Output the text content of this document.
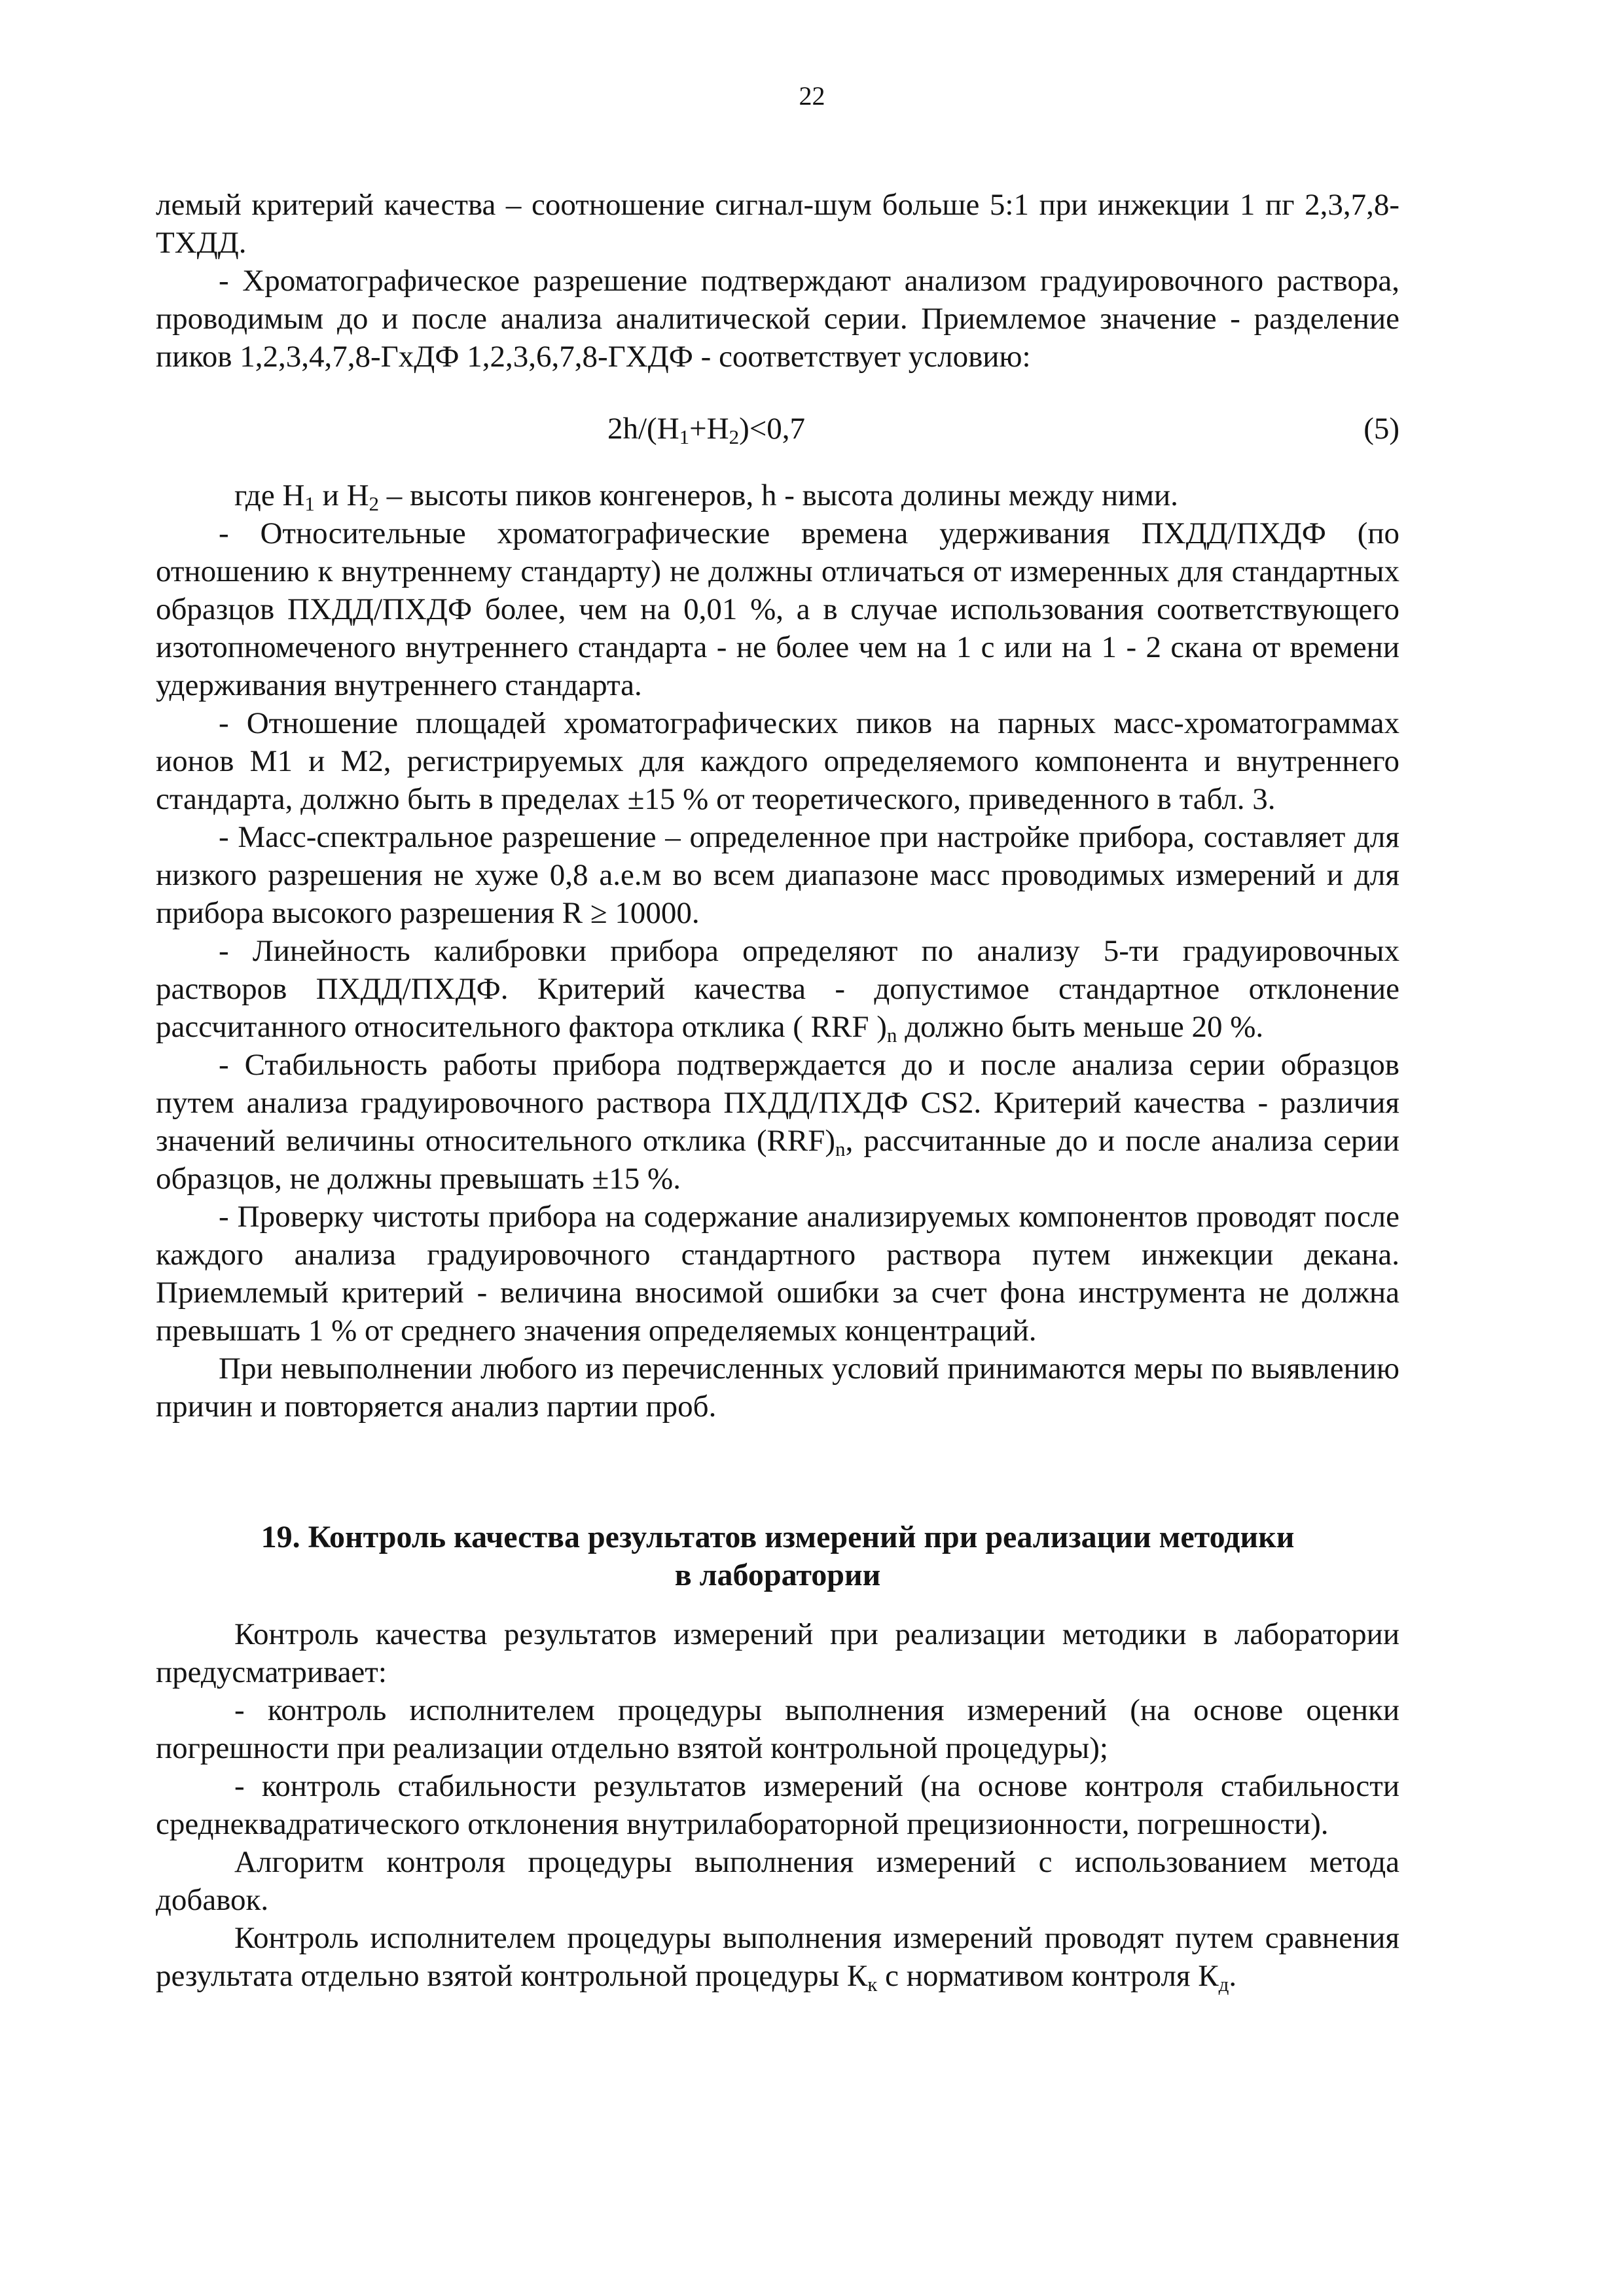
22

лемый критерий качества – соотношение сигнал-шум больше 5:1 при инжекции 1 пг 2,3,7,8-ТХДД.

- Хроматографическое разрешение подтверждают анализом градуировочного раствора, проводимым до и после анализа аналитической серии. Приемлемое значение - разделение пиков 1,2,3,4,7,8-ГхДФ 1,2,3,6,7,8-ГХДФ - соответствует условию:

$2h/(H_1+H_2)<0,7$	(5)

где $H_1$ и $H_2$ – высоты пиков конгенеров, h - высота долины между ними.

- Относительные хроматографические времена удерживания ПХДД/ПХДФ (по отношению к внутреннему стандарту) не должны отличаться от измеренных для стандартных образцов ПХДД/ПХДФ более, чем на 0,01 %, а в случае использования соответствующего изотопномеченого внутреннего стандарта - не более чем на 1 с или на 1 - 2 скана от времени удерживания внутреннего стандарта.

- Отношение площадей хроматографических пиков на парных масс-хроматограммах ионов М1 и М2, регистрируемых для каждого определяемого компонента и внутреннего стандарта, должно быть в пределах ±15 % от теоретического, приведенного в табл. 3.

- Масс-спектральное разрешение – определенное при настройке прибора, составляет для низкого разрешения не хуже 0,8 а.е.м во всем диапазоне масс проводимых измерений и для прибора высокого разрешения R ≥ 10000.

- Линейность калибровки прибора определяют по анализу 5-ти градуировочных растворов ПХДД/ПХДФ. Критерий качества - допустимое стандартное отклонение рассчитанного относительного фактора отклика ( RRF )$_n$ должно быть меньше 20 %.

- Стабильность работы прибора подтверждается до и после анализа серии образцов путем анализа градуировочного раствора ПХДД/ПХДФ CS2. Критерий качества - различия значений величины относительного отклика $(RRF)_n$, рассчитанные до и после анализа серии образцов, не должны превышать ±15 %.

- Проверку чистоты прибора на содержание анализируемых компонентов проводят после каждого анализа градуировочного стандартного раствора путем инжекции декана. Приемлемый критерий - величина вносимой ошибки за счет фона инструмента не должна превышать 1 % от среднего значения определяемых концентраций.

При невыполнении любого из перечисленных условий принимаются меры по выявлению причин и повторяется анализ партии проб.

19. Контроль качества результатов измерений при реализации методики
в лаборатории

Контроль качества результатов измерений при реализации методики в лаборатории предусматривает:

- контроль исполнителем процедуры выполнения измерений (на основе оценки погрешности при реализации отдельно взятой контрольной процедуры);

- контроль стабильности результатов измерений (на основе контроля стабильности среднеквадратического отклонения внутрилабораторной прецизионности, погрешности).

Алгоритм контроля процедуры выполнения измерений с использованием метода добавок.

Контроль исполнителем процедуры выполнения измерений проводят путем сравнения результата отдельно взятой контрольной процедуры $К_к$ с нормативом контроля $К_д$.
